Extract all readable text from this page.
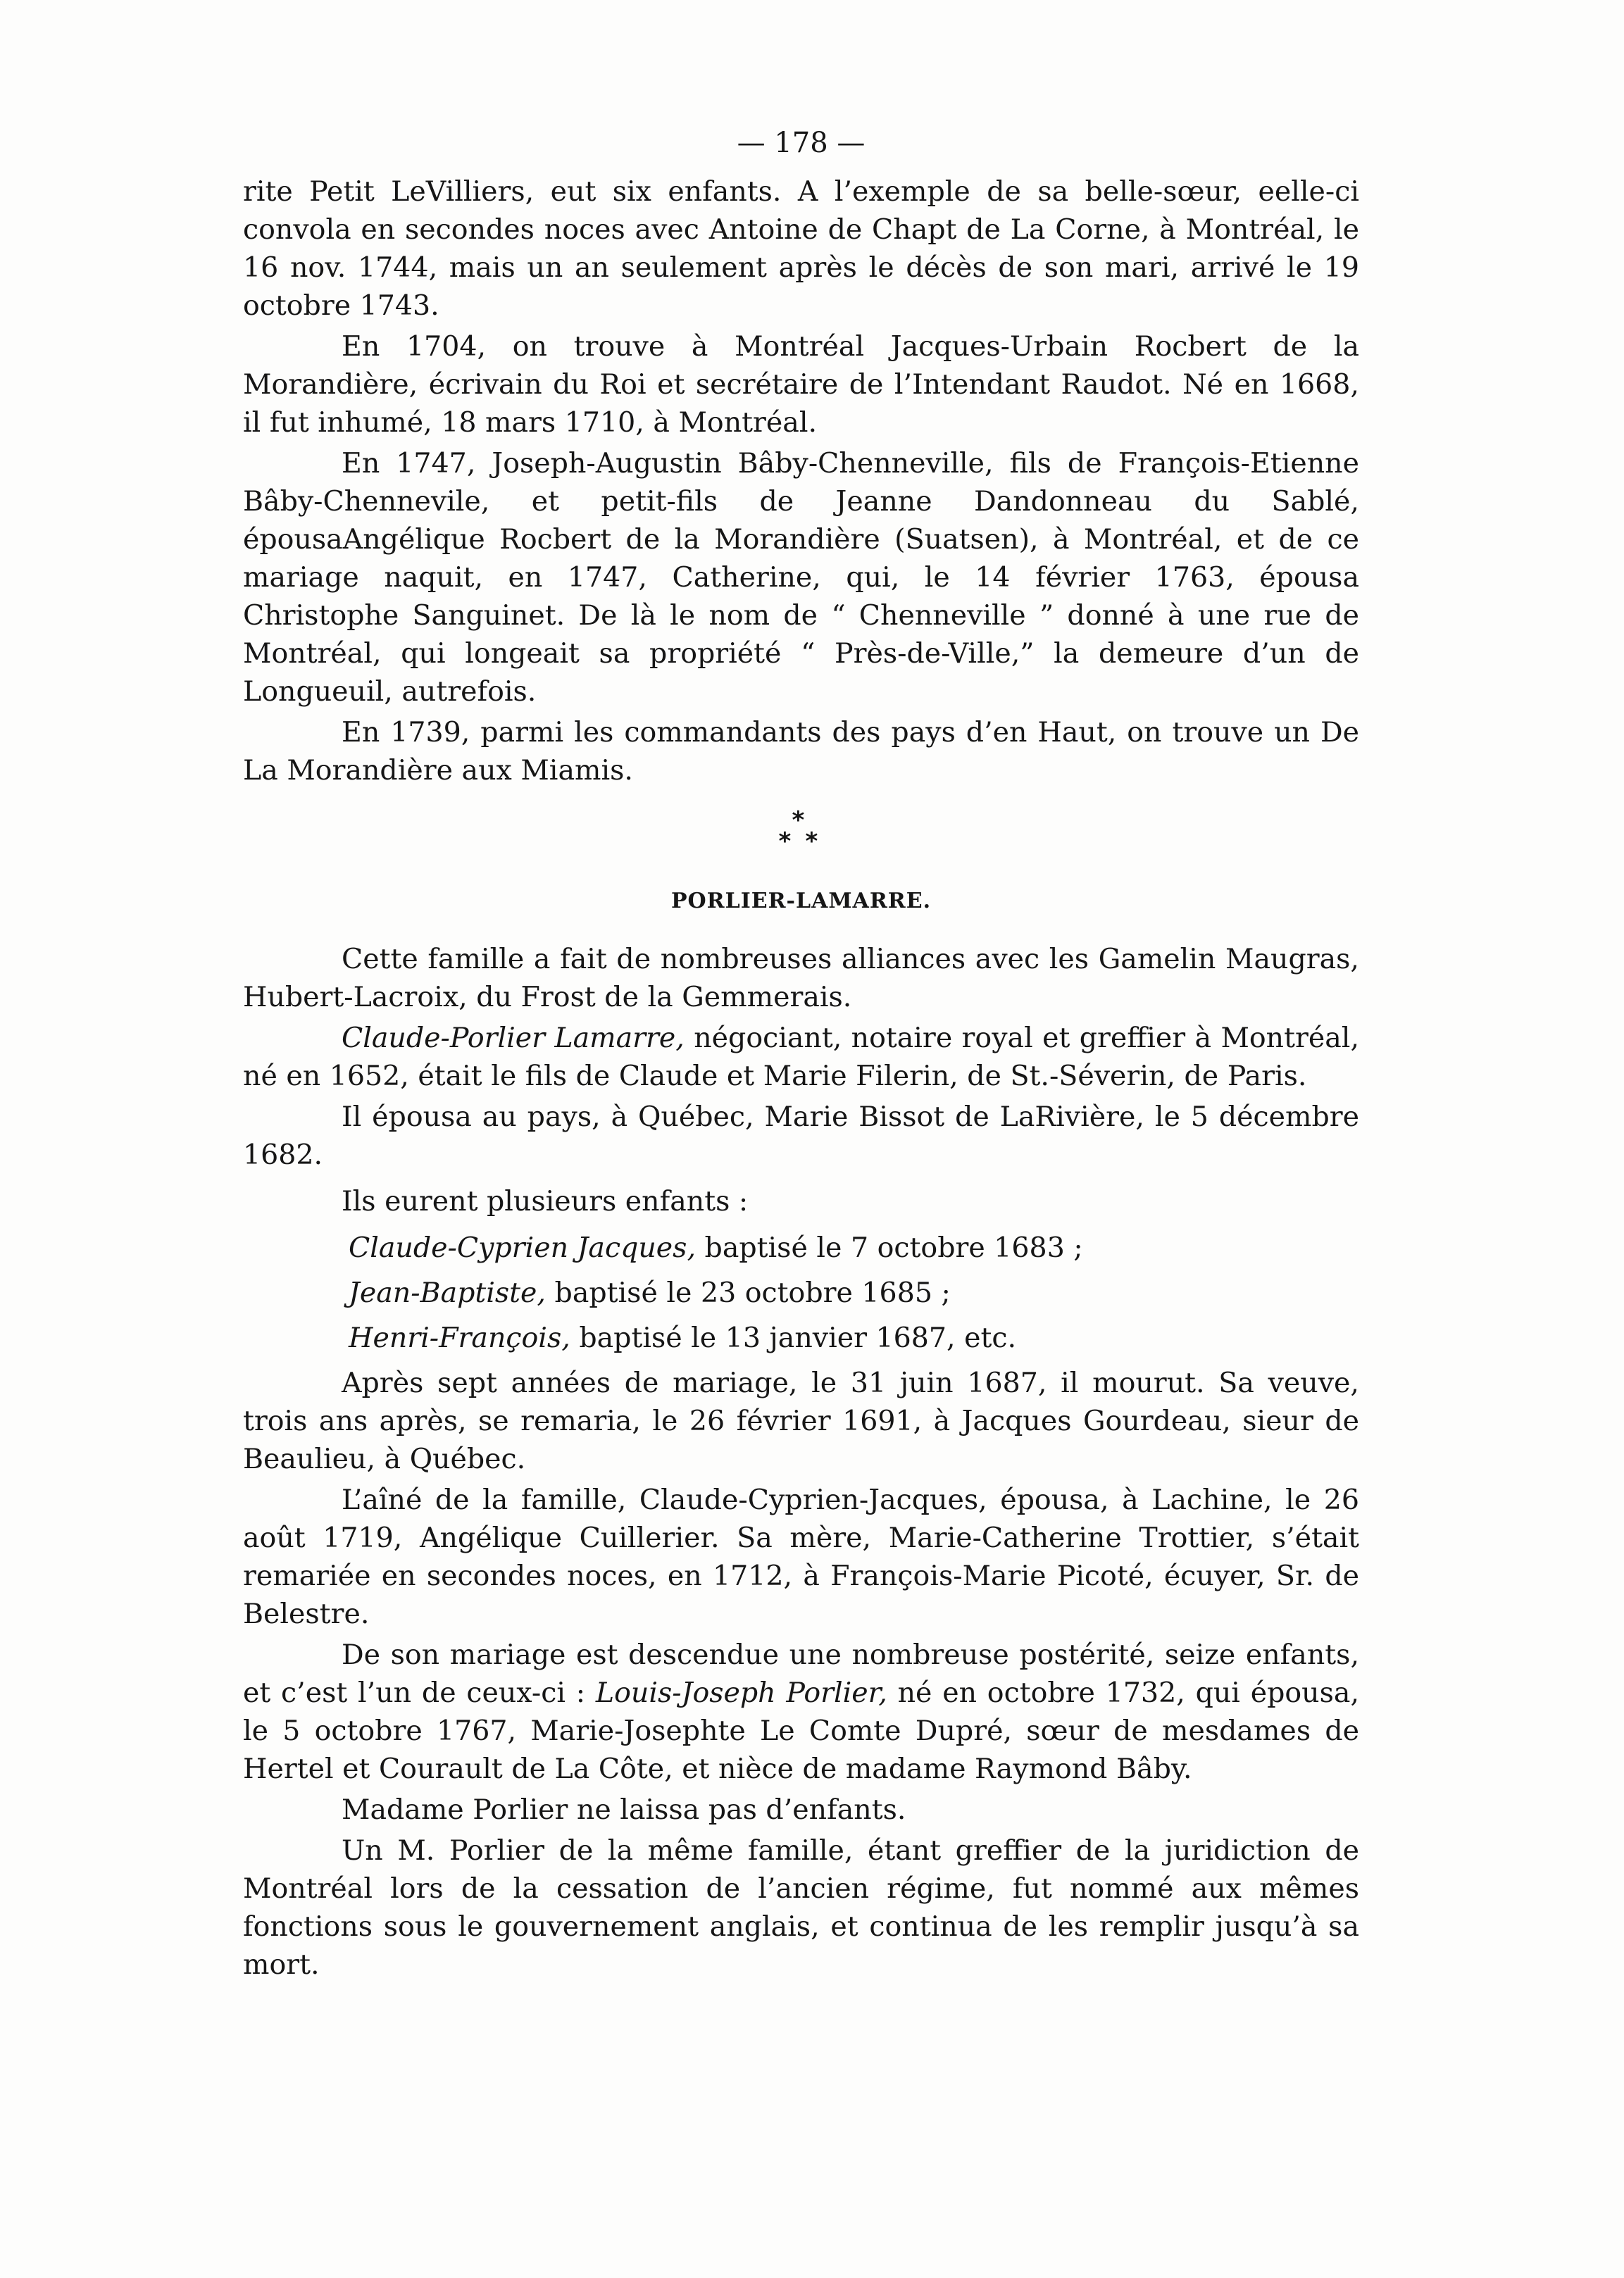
— 178 —

rite Petit LeVilliers, eut six enfants. A l’exemple de sa belle-sœur, eelle-ci convola en secondes noces avec Antoine de Chapt de La Corne, à Montréal, le 16 nov. 1744, mais un an seulement après le décès de son mari, arrivé le 19 octobre 1743.

En 1704, on trouve à Montréal Jacques-Urbain Rocbert de la Morandière, écrivain du Roi et secrétaire de l’Intendant Raudot. Né en 1668, il fut inhumé, 18 mars 1710, à Montréal.

En 1747, Joseph-Augustin Bâby-Chenneville, fils de François-Etienne Bâby-Chennevile, et petit-fils de Jeanne Dandonneau du Sablé, épousaAngélique Rocbert de la Morandière (Suatsen), à Montréal, et de ce mariage naquit, en 1747, Catherine, qui, le 14 février 1763, épousa Christophe Sanguinet. De là le nom de “ Chenneville ” donné à une rue de Montréal, qui longeait sa propriété “ Près-de-Ville,” la demeure d’un de Longueuil, autrefois.

En 1739, parmi les commandants des pays d’en Haut, on trouve un De La Morandière aux Miamis.

*
* *
PORLIER-LAMARRE.

Cette famille a fait de nombreuses alliances avec les Gamelin Maugras, Hubert-Lacroix, du Frost de la Gemmerais.

Claude-Porlier Lamarre, négociant, notaire royal et greffier à Montréal, né en 1652, était le fils de Claude et Marie Filerin, de St.-Séverin, de Paris.

Il épousa au pays, à Québec, Marie Bissot de LaRivière, le 5 décembre 1682.

Ils eurent plusieurs enfants :

Claude-Cyprien Jacques, baptisé le 7 octobre 1683 ;

Jean-Baptiste, baptisé le 23 octobre 1685 ;

Henri-François, baptisé le 13 janvier 1687, etc.

Après sept années de mariage, le 31 juin 1687, il mourut. Sa veuve, trois ans après, se remaria, le 26 février 1691, à Jacques Gourdeau, sieur de Beaulieu, à Québec.

L’aîné de la famille, Claude-Cyprien-Jacques, épousa, à Lachine, le 26 août 1719, Angélique Cuillerier. Sa mère, Marie-Catherine Trottier, s’était remariée en secondes noces, en 1712, à François-Marie Picoté, écuyer, Sr. de Belestre.

De son mariage est descendue une nombreuse postérité, seize enfants, et c’est l’un de ceux-ci : Louis-Joseph Porlier, né en octobre 1732, qui épousa, le 5 octobre 1767, Marie-Josephte Le Comte Dupré, sœur de mesdames de Hertel et Courault de La Côte, et nièce de madame Raymond Bâby.

Madame Porlier ne laissa pas d’enfants.

Un M. Porlier de la même famille, étant greffier de la juridiction de Montréal lors de la cessation de l’ancien régime, fut nommé aux mêmes fonctions sous le gouvernement anglais, et continua de les remplir jusqu’à sa mort.
